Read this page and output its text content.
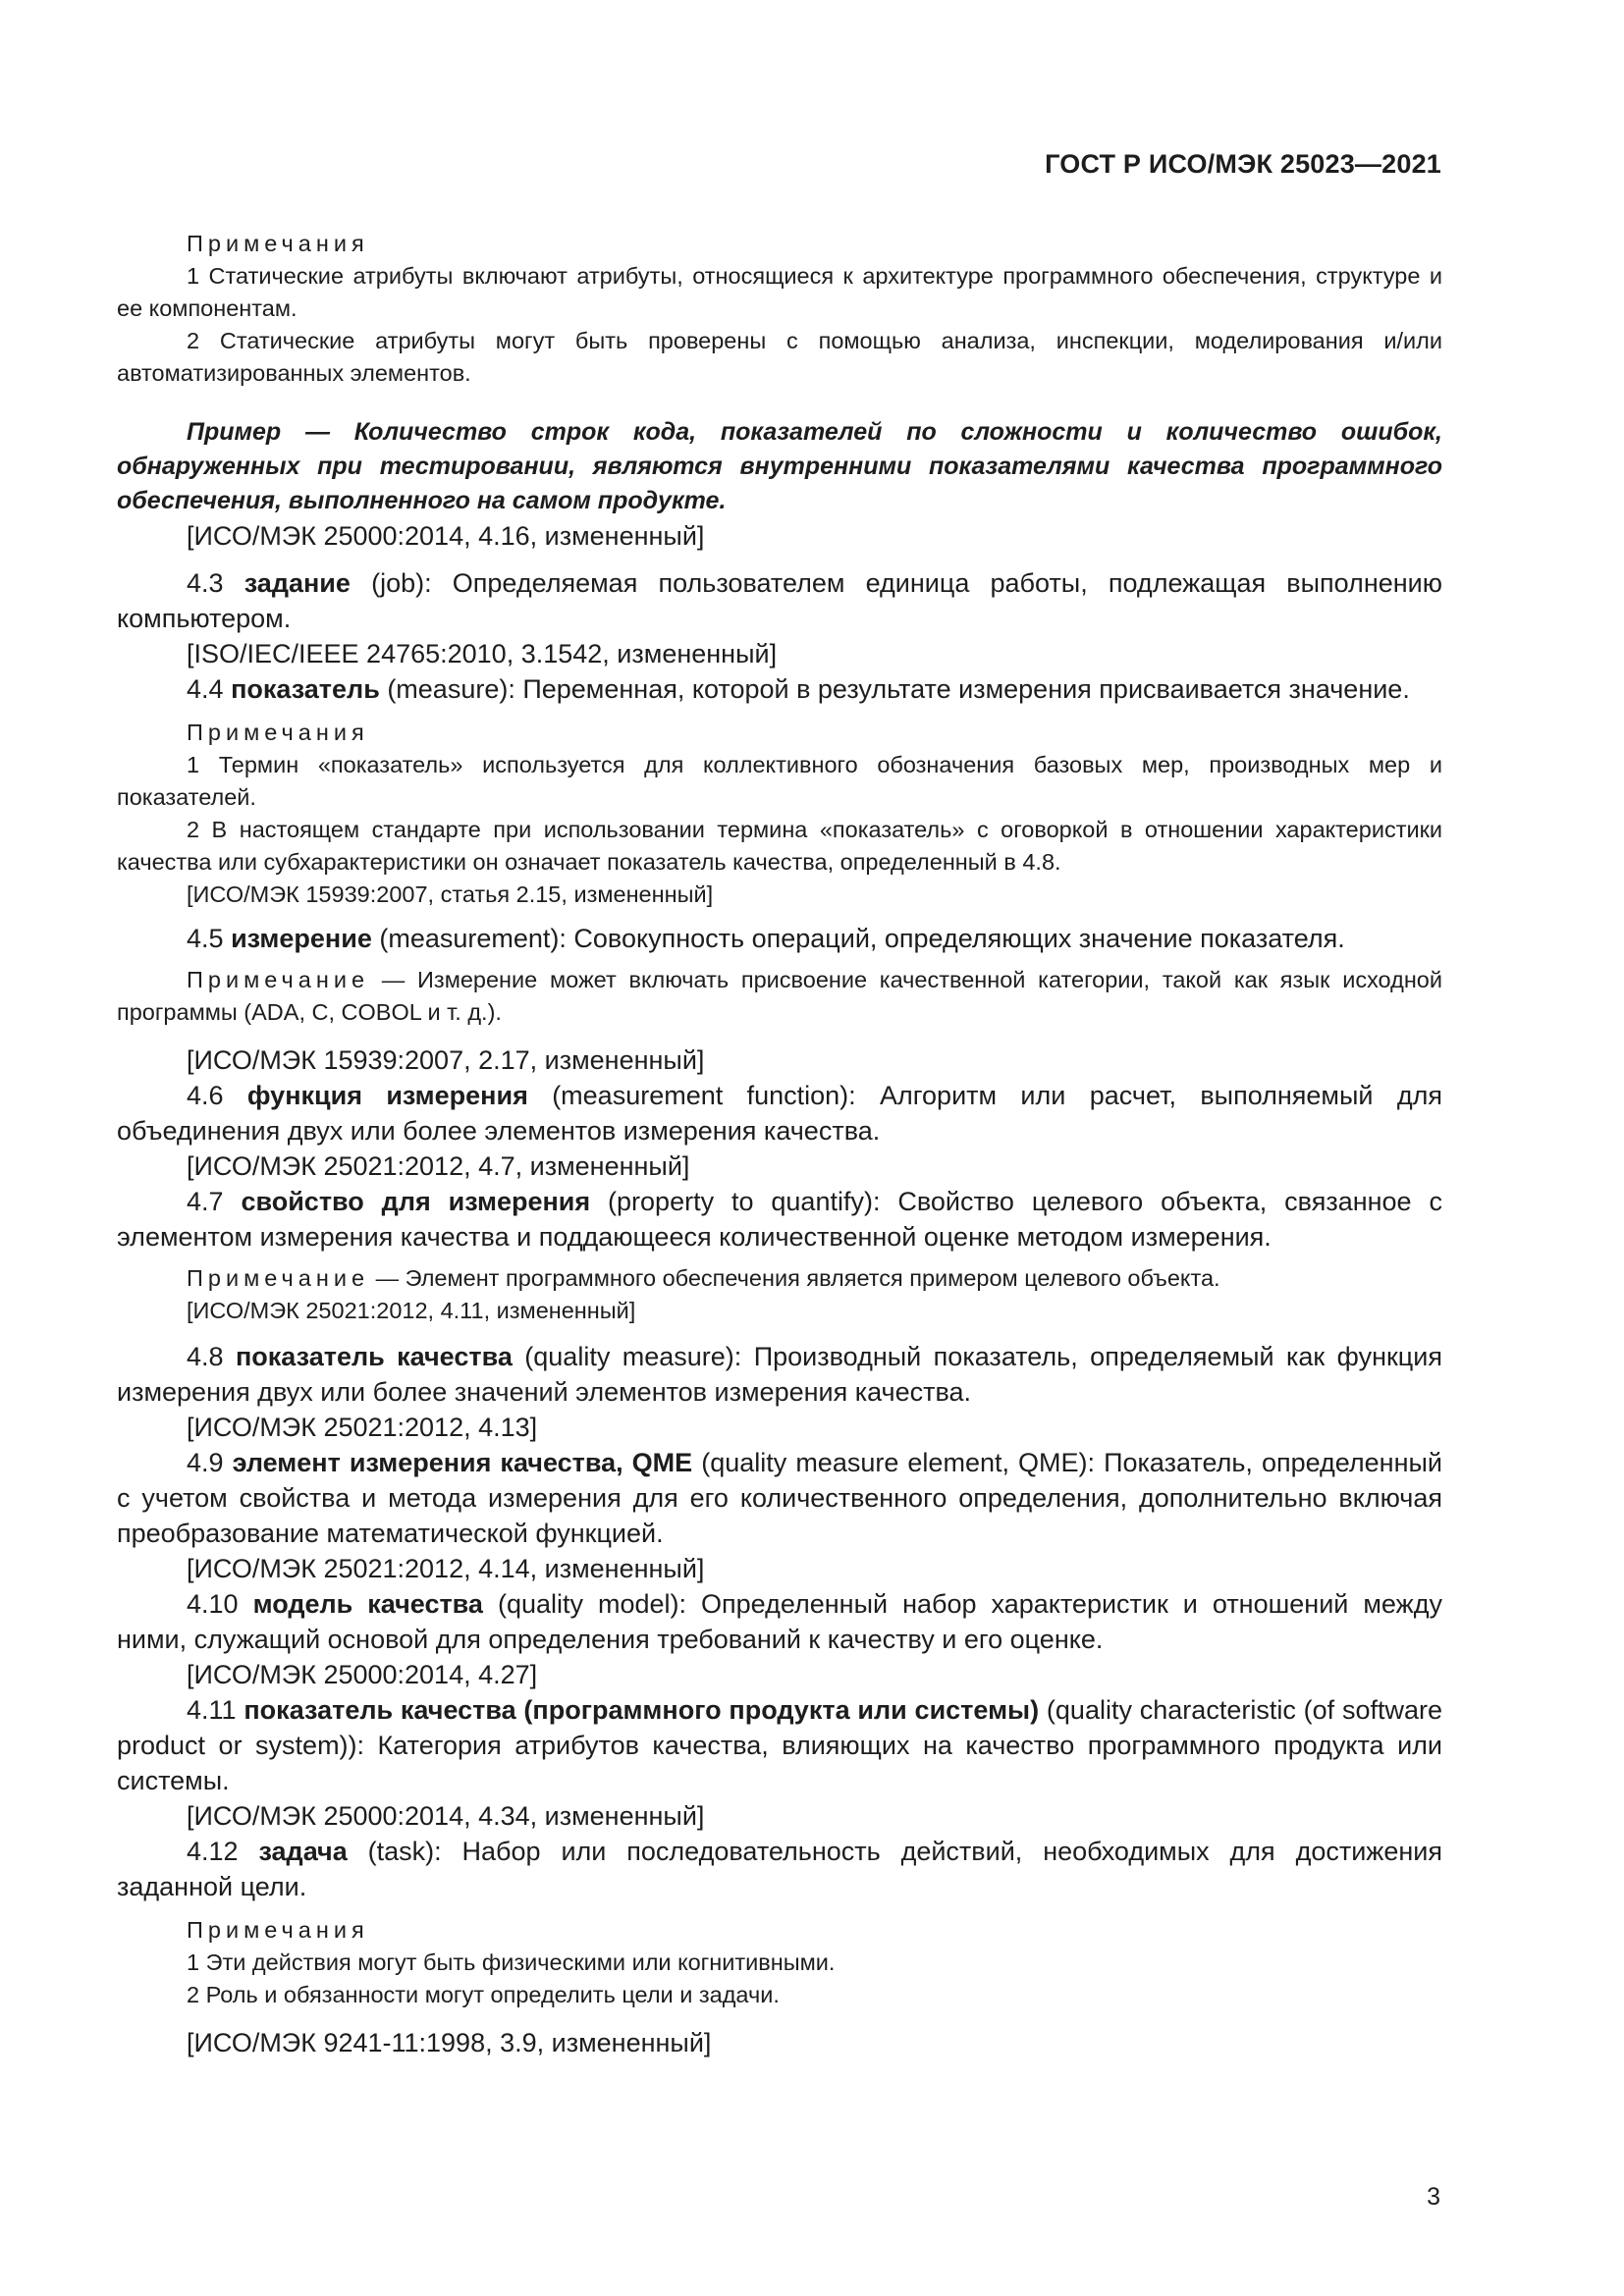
ГОСТ Р ИСО/МЭК 25023—2021

Примечания

1 Статические атрибуты включают атрибуты, относящиеся к архитектуре программного обеспечения, структуре и ее компонентам.

2 Статические атрибуты могут быть проверены с помощью анализа, инспекции, моделирования и/или автоматизированных элементов.

Пример — Количество строк кода, показателей по сложности и количество ошибок, обнаруженных при тестировании, являются внутренними показателями качества программного обеспечения, выполненного на самом продукте.

[ИСО/МЭК 25000:2014, 4.16, измененный]

4.3 задание (job): Определяемая пользователем единица работы, подлежащая выполнению компьютером.

[ISO/IEC/IEEE 24765:2010, 3.1542, измененный]

4.4 показатель (measure): Переменная, которой в результате измерения присваивается значение.

Примечания

1 Термин «показатель» используется для коллективного обозначения базовых мер, производных мер и показателей.

2 В настоящем стандарте при использовании термина «показатель» с оговоркой в отношении характеристики качества или субхарактеристики он означает показатель качества, определенный в 4.8.

[ИСО/МЭК 15939:2007, статья 2.15, измененный]

4.5 измерение (measurement): Совокупность операций, определяющих значение показателя.

Примечание — Измерение может включать присвоение качественной категории, такой как язык исходной программы (ADA, C, COBOL и т. д.).

[ИСО/МЭК 15939:2007, 2.17, измененный]

4.6 функция измерения (measurement function): Алгоритм или расчет, выполняемый для объединения двух или более элементов измерения качества.

[ИСО/МЭК 25021:2012, 4.7, измененный]

4.7 свойство для измерения (property to quantify): Свойство целевого объекта, связанное с элементом измерения качества и поддающееся количественной оценке методом измерения.

Примечание — Элемент программного обеспечения является примером целевого объекта.

[ИСО/МЭК 25021:2012, 4.11, измененный]

4.8 показатель качества (quality measure): Производный показатель, определяемый как функция измерения двух или более значений элементов измерения качества.

[ИСО/МЭК 25021:2012, 4.13]

4.9 элемент измерения качества, QME (quality measure element, QME): Показатель, определенный с учетом свойства и метода измерения для его количественного определения, дополнительно включая преобразование математической функцией.

[ИСО/МЭК 25021:2012, 4.14, измененный]

4.10 модель качества (quality model): Определенный набор характеристик и отношений между ними, служащий основой для определения требований к качеству и его оценке.

[ИСО/МЭК 25000:2014, 4.27]

4.11 показатель качества (программного продукта или системы) (quality characteristic (of software product or system)): Категория атрибутов качества, влияющих на качество программного продукта или системы.

[ИСО/МЭК 25000:2014, 4.34, измененный]

4.12 задача (task): Набор или последовательность действий, необходимых для достижения заданной цели.

Примечания

1 Эти действия могут быть физическими или когнитивными.

2 Роль и обязанности могут определить цели и задачи.

[ИСО/МЭК 9241-11:1998, 3.9, измененный]

3
